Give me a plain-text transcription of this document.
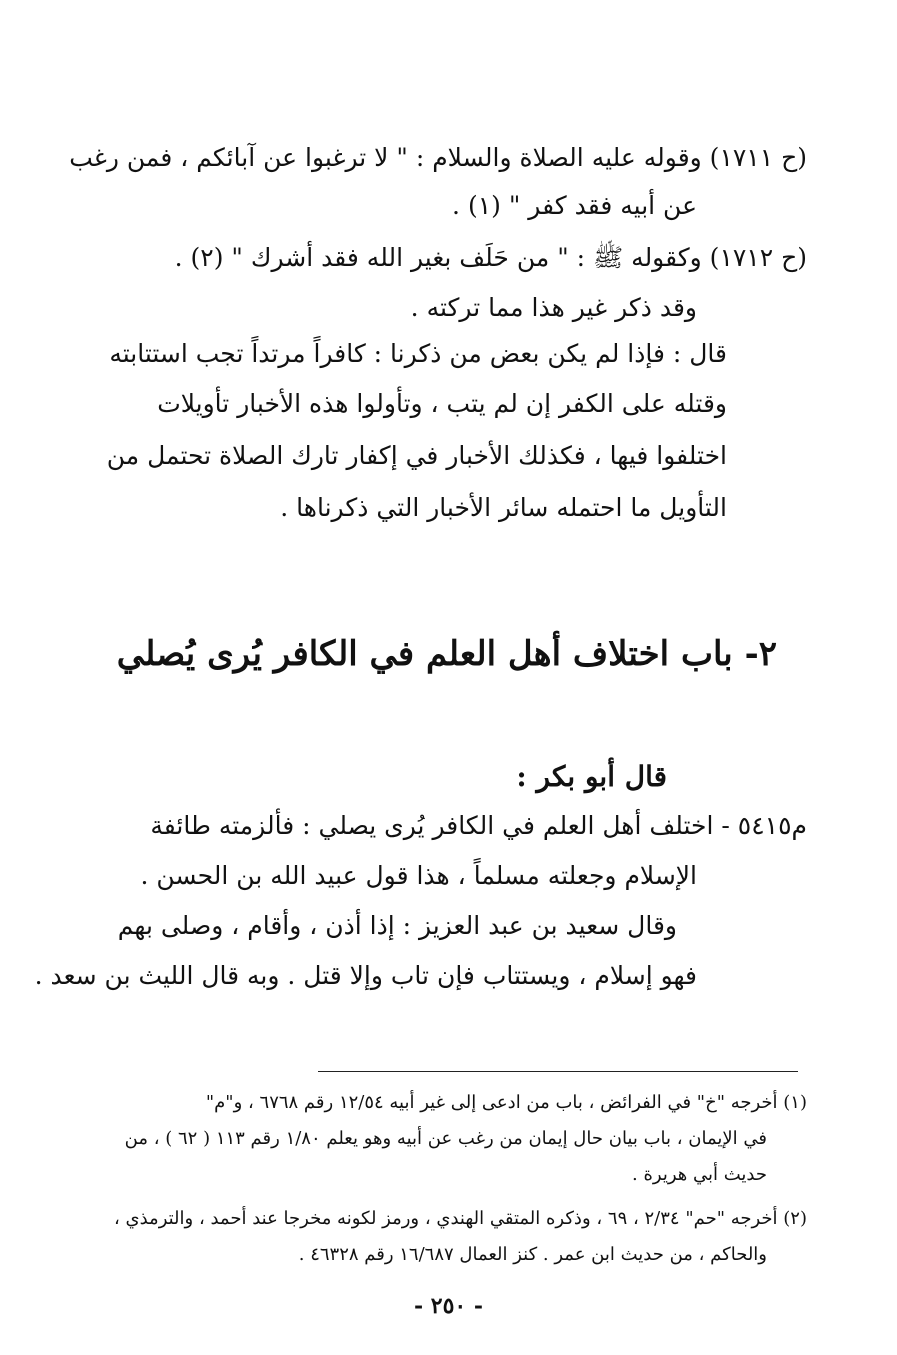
(ح ١٧١١) وقوله عليه الصلاة والسلام : " لا ترغبوا عن آبائكم ، فمن رغب
عن أبيه فقد كفر " (١) .
(ح ١٧١٢) وكقوله ﷺ : " من حَلَف بغير الله فقد أشرك " (٢) .
وقد ذكر غير هذا مما تركته .
قال : فإذا لم يكن بعض من ذكرنا : كافراً مرتداً تجب استتابته
وقتله على الكفر إن لم يتب ، وتأولوا هذه الأخبار تأويلات
اختلفوا فيها ، فكذلك الأخبار في إكفار تارك الصلاة تحتمل من
التأويل ما احتمله سائر الأخبار التي ذكرناها .
٢- باب اختلاف أهل العلم في الكافر يُرى يُصلي
قال أبو بكر :
م٥٤١٥ - اختلف أهل العلم في الكافر يُرى يصلي : فألزمته طائفة
الإسلام وجعلته مسلماً ، هذا قول عبيد الله بن الحسن .
وقال سعيد بن عبد العزيز : إذا أذن ، وأقام ، وصلى بهم
فهو إسلام ، ويستتاب فإن تاب وإلا قتل . وبه قال الليث بن سعد .
(١) أخرجه "خ" في الفرائض ، باب من ادعى إلى غير أبيه ١٢/٥٤ رقم ٦٧٦٨ ، و"م"
في الإيمان ، باب بيان حال إيمان من رغب عن أبيه وهو يعلم ١/٨٠ رقم ١١٣ ( ٦٢ ) ، من
حديث أبي هريرة .
(٢) أخرجه "حم" ٢/٣٤ ، ٦٩ ، وذكره المتقي الهندي ، ورمز لكونه مخرجا عند أحمد ، والترمذي ،
والحاكم ، من حديث ابن عمر . كنز العمال ١٦/٦٨٧ رقم ٤٦٣٢٨ .
- ٢٥٠ -
